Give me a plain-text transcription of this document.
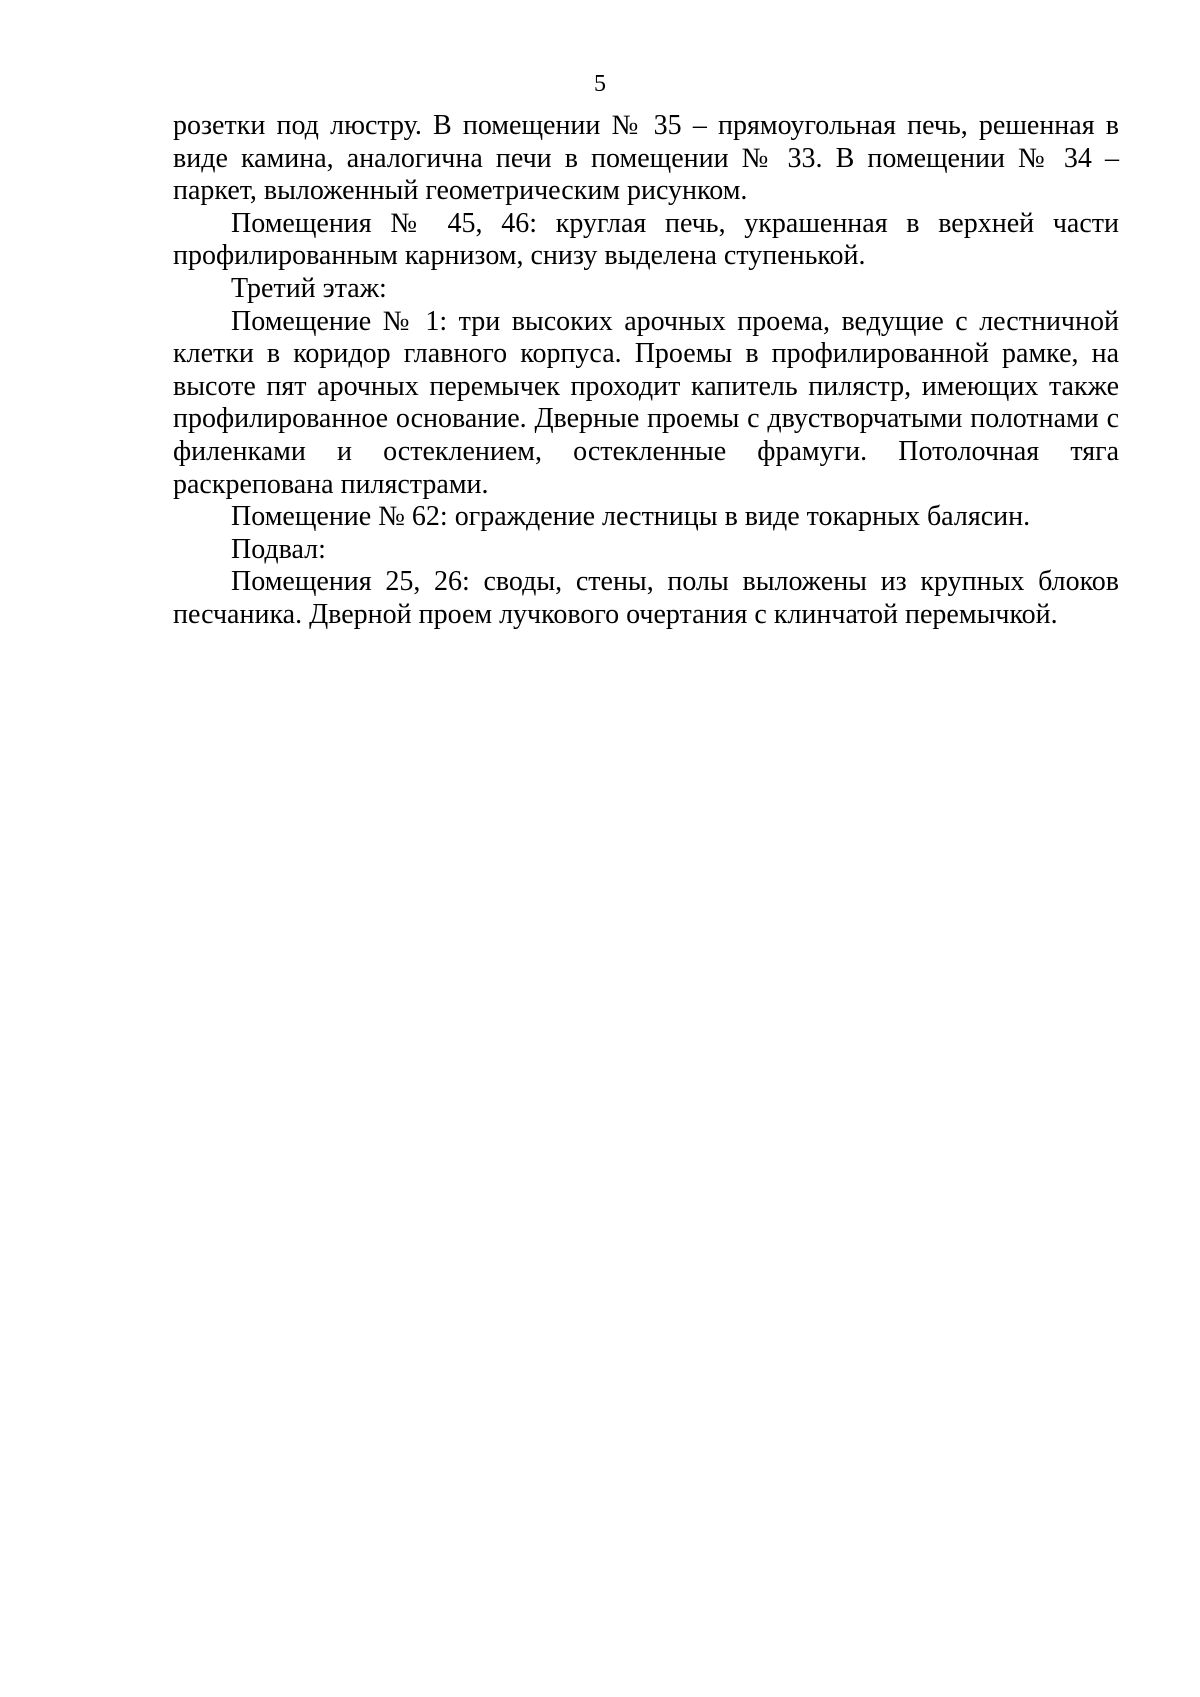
5

розетки под люстру. В помещении № 35 – прямоугольная печь, решенная в виде камина, аналогична печи в помещении № 33. В помещении № 34 – паркет, выложенный геометрическим рисунком.

Помещения № 45, 46: круглая печь, украшенная в верхней части профилированным карнизом, снизу выделена ступенькой.

Третий этаж:

Помещение № 1: три высоких арочных проема, ведущие с лестничной клетки в коридор главного корпуса. Проемы в профилированной рамке, на высоте пят арочных перемычек проходит капитель пилястр, имеющих также профилированное основание. Дверные проемы с двустворчатыми полотнами с филенками и остеклением, остекленные фрамуги. Потолочная тяга раскрепована пилястрами.

Помещение № 62: ограждение лестницы в виде токарных балясин.

Подвал:

Помещения 25, 26: своды, стены, полы выложены из крупных блоков песчаника. Дверной проем лучкового очертания с клинчатой перемычкой.
